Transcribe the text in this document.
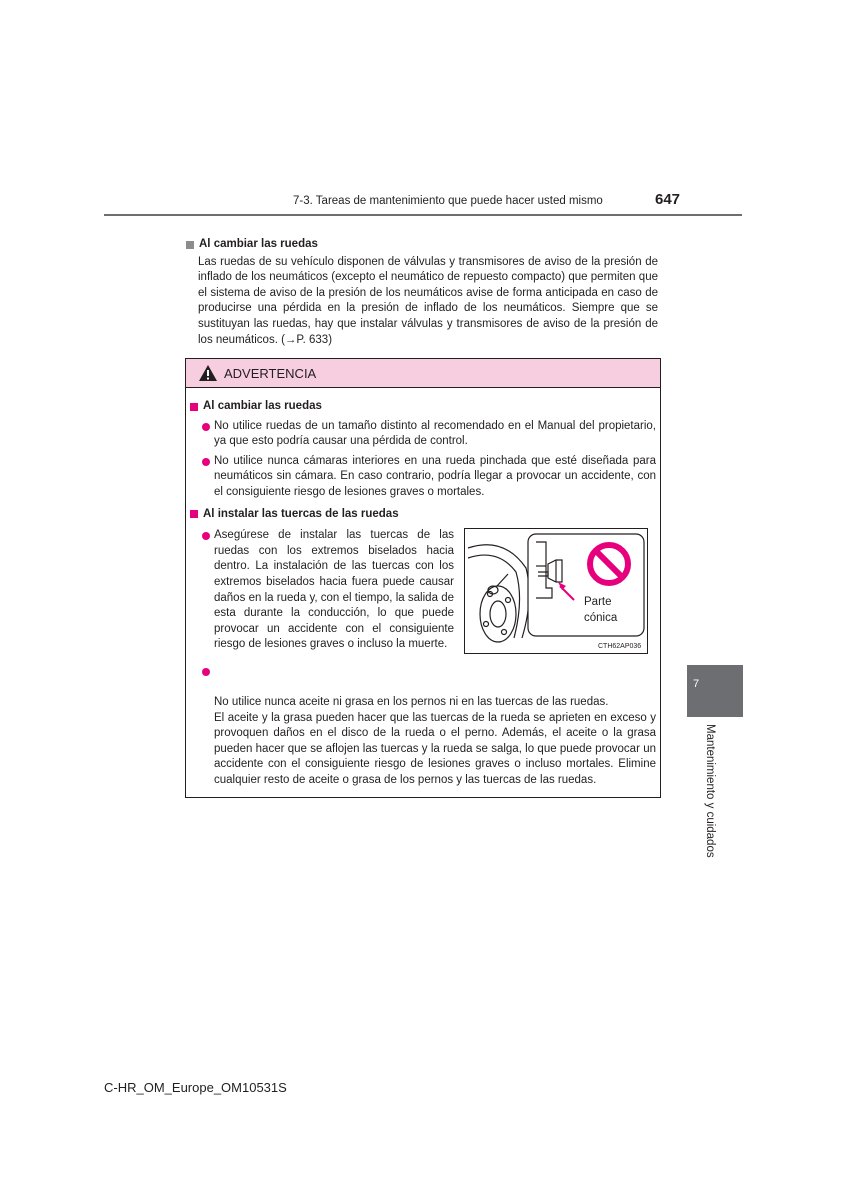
7-3. Tareas de mantenimiento que puede hacer usted mismo	647
Al cambiar las ruedas
Las ruedas de su vehículo disponen de válvulas y transmisores de aviso de la presión de inflado de los neumáticos (excepto el neumático de repuesto compacto) que permiten que el sistema de aviso de la presión de los neumáticos avise de forma anticipada en caso de producirse una pérdida en la presión de inflado de los neumáticos. Siempre que se sustituyan las ruedas, hay que instalar válvulas y transmisores de aviso de la presión de los neumáticos. (→P. 633)
ADVERTENCIA
Al cambiar las ruedas
No utilice ruedas de un tamaño distinto al recomendado en el Manual del propietario, ya que esto podría causar una pérdida de control.
No utilice nunca cámaras interiores en una rueda pinchada que esté diseñada para neumáticos sin cámara. En caso contrario, podría llegar a provocar un accidente, con el consiguiente riesgo de lesiones graves o mortales.
Al instalar las tuercas de las ruedas
Asegúrese de instalar las tuercas de las ruedas con los extremos biselados hacia dentro. La instalación de las tuercas con los extremos biselados hacia fuera puede causar daños en la rueda y, con el tiempo, la salida de esta durante la conducción, lo que puede provocar un accidente con el consiguiente riesgo de lesiones graves o incluso la muerte.
Parte
cónica
CTH62AP036

No utilice nunca aceite ni grasa en los pernos ni en las tuercas de las ruedas.
El aceite y la grasa pueden hacer que las tuercas de la rueda se aprieten en exceso y provoquen daños en el disco de la rueda o el perno. Además, el aceite o la grasa pueden hacer que se aflojen las tuercas y la rueda se salga, lo que puede provocar un accidente con el consiguiente riesgo de lesiones graves o incluso mortales. Elimine cualquier resto de aceite o grasa de los pernos y las tuercas de las ruedas.

7
Mantenimiento y cuidados
C-HR_OM_Europe_OM10531S
